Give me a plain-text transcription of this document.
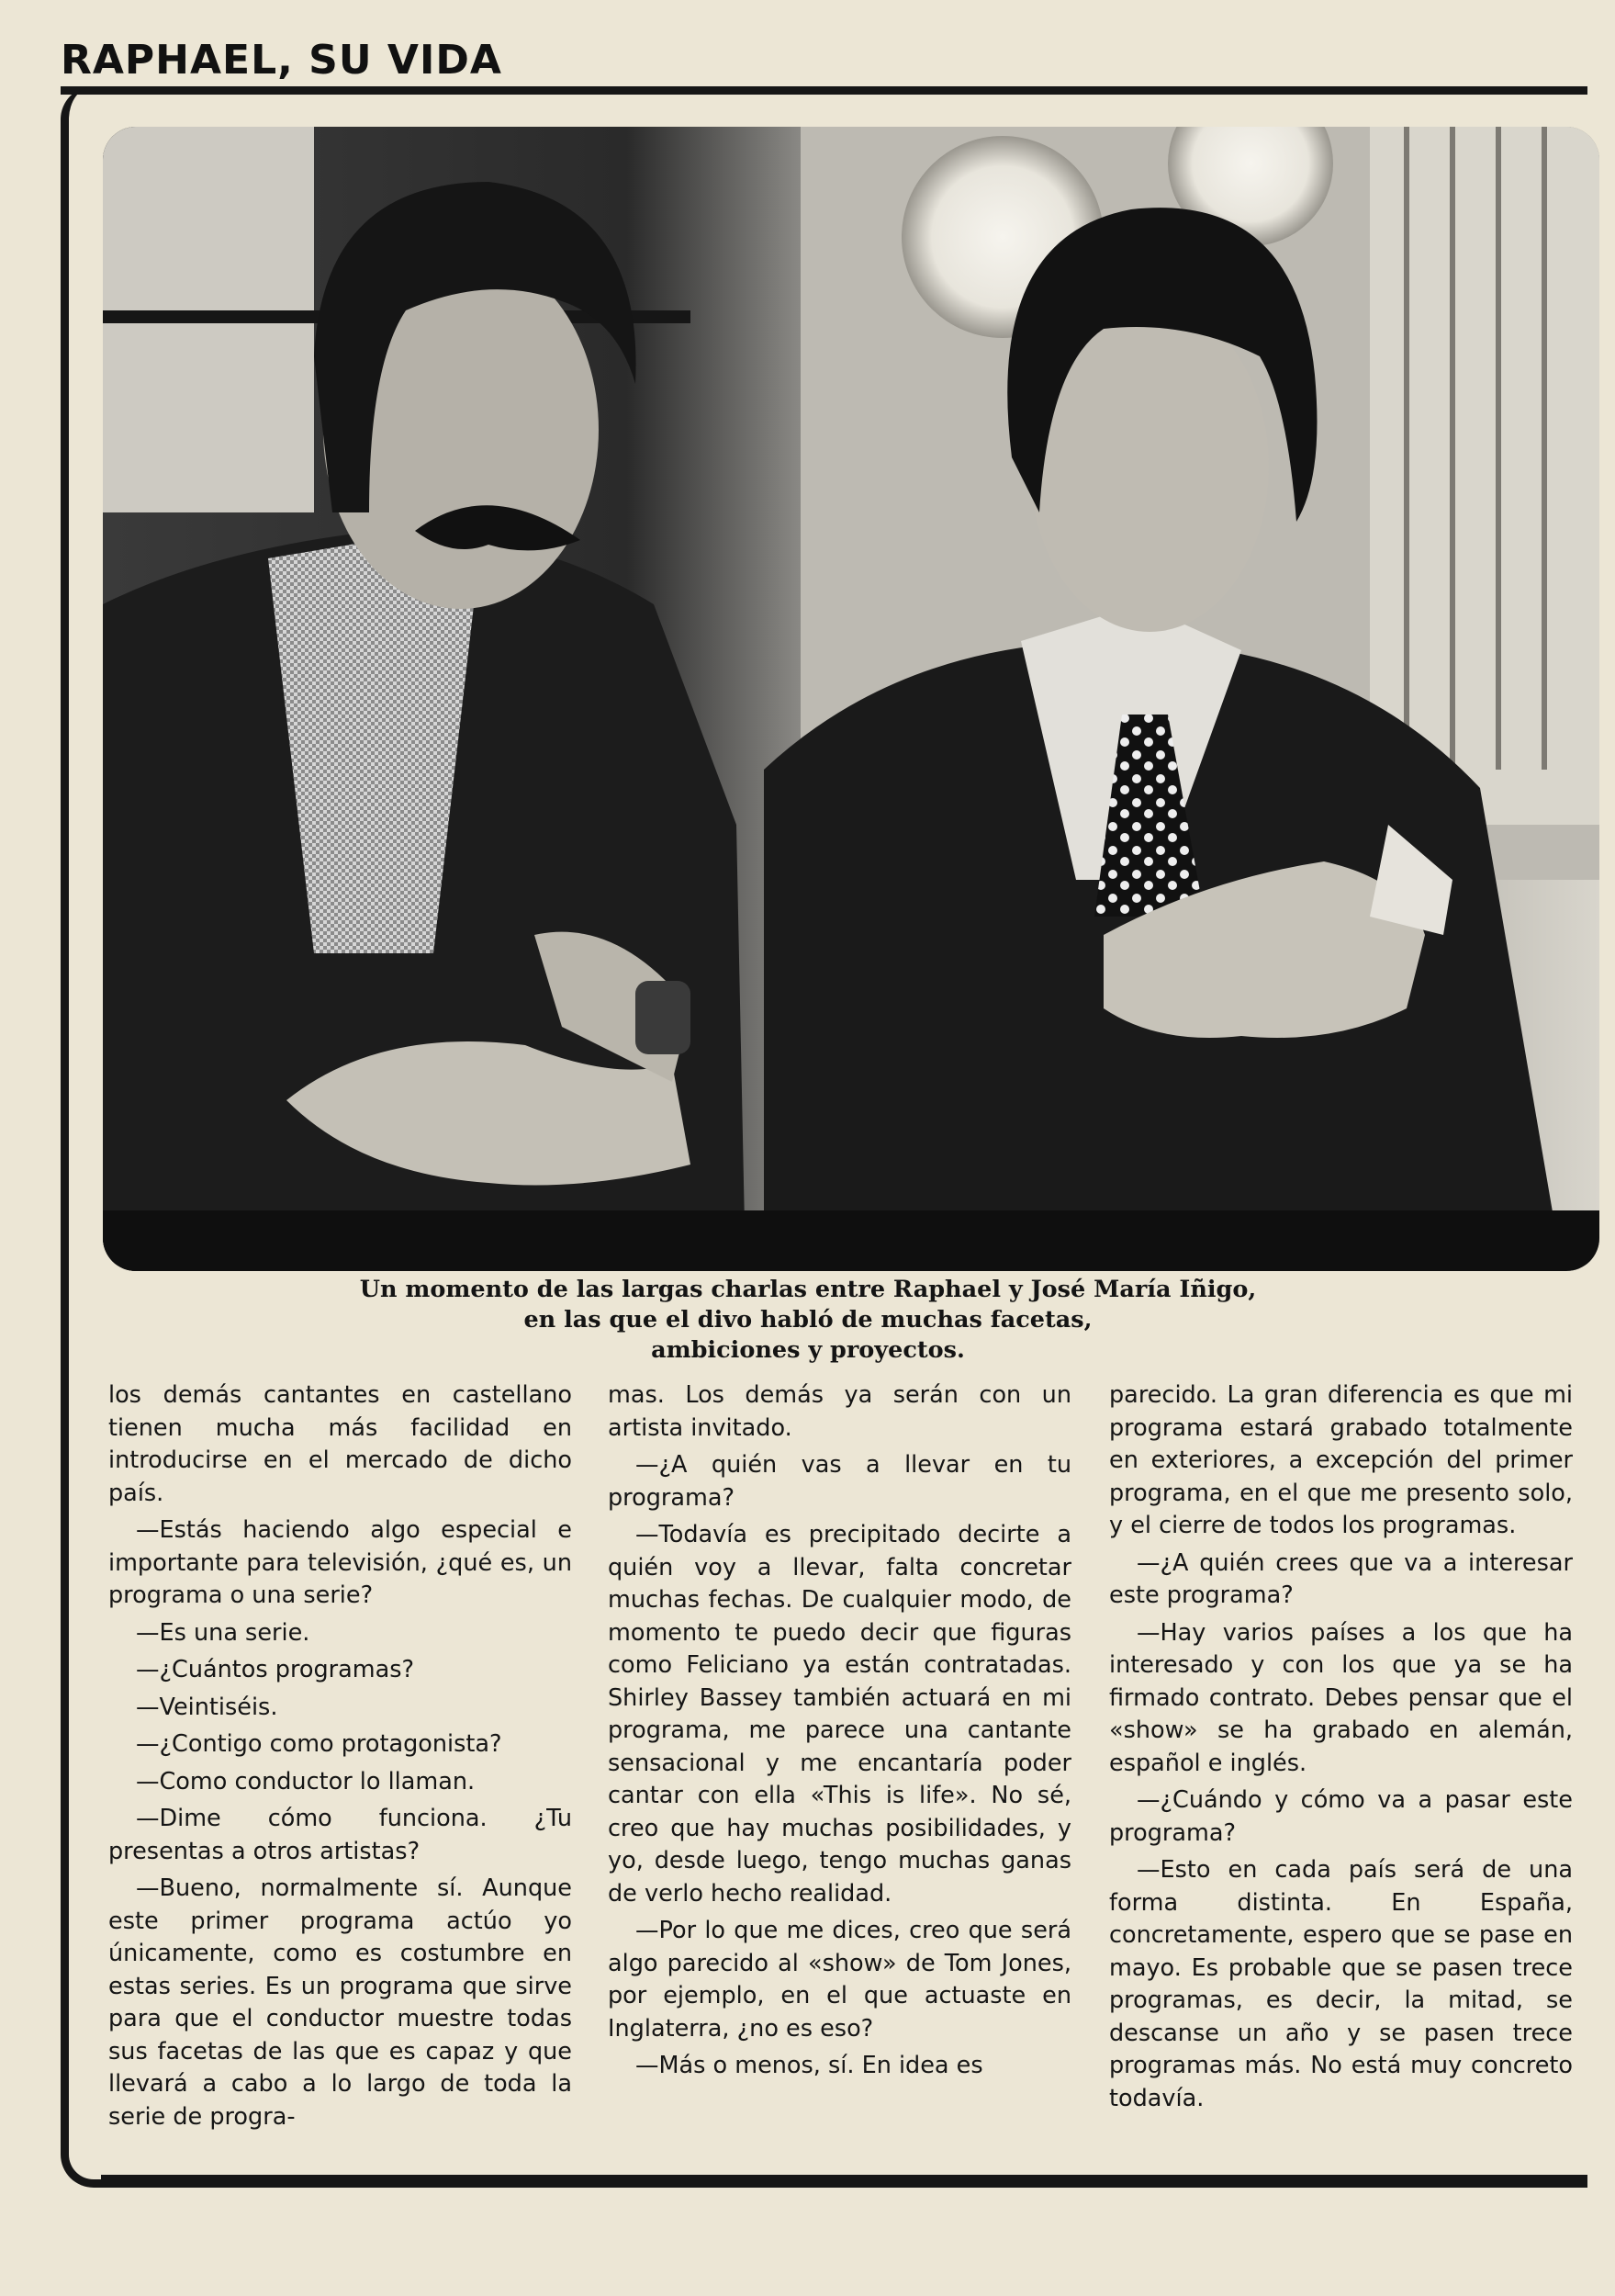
RAPHAEL, SU VIDA
Un momento de las largas charlas entre Raphael y José María Iñigo,
en las que el divo habló de muchas facetas,
ambiciones y proyectos.

los demás cantantes en castellano tienen mucha más facilidad en introducirse en el mercado de dicho país.

—Estás haciendo algo especial e importante para televisión, ¿qué es, un programa o una serie?

—Es una serie.

—¿Cuántos programas?

—Veintiséis.

—¿Contigo como protagonista?

—Como conductor lo llaman.

—Dime cómo funciona. ¿Tu presentas a otros artistas?

—Bueno, normalmente sí. Aunque este primer programa actúo yo únicamente, como es costumbre en estas series. Es un programa que sirve para que el conductor muestre todas sus facetas de las que es capaz y que llevará a cabo a lo largo de toda la serie de progra-

mas. Los demás ya serán con un artista invitado.

—¿A quién vas a llevar en tu programa?

—Todavía es precipitado decirte a quién voy a llevar, falta concretar muchas fechas. De cualquier modo, de momento te puedo decir que figuras como Feliciano ya están contratadas. Shirley Bassey también actuará en mi programa, me parece una cantante sensacional y me encantaría poder cantar con ella «This is life». No sé, creo que hay muchas posibilidades, y yo, desde luego, tengo muchas ganas de verlo hecho realidad.

—Por lo que me dices, creo que será algo parecido al «show» de Tom Jones, por ejemplo, en el que actuaste en Inglaterra, ¿no es eso?

—Más o menos, sí. En idea es

parecido. La gran diferencia es que mi programa estará grabado totalmente en exteriores, a excepción del primer programa, en el que me presento solo, y el cierre de todos los programas.

—¿A quién crees que va a interesar este programa?

—Hay varios países a los que ha interesado y con los que ya se ha firmado contrato. Debes pensar que el «show» se ha grabado en alemán, español e inglés.

—¿Cuándo y cómo va a pasar este programa?

—Esto en cada país será de una forma distinta. En España, concretamente, espero que se pase en mayo. Es probable que se pasen trece programas, es decir, la mitad, se descanse un año y se pasen trece programas más. No está muy concreto todavía.
